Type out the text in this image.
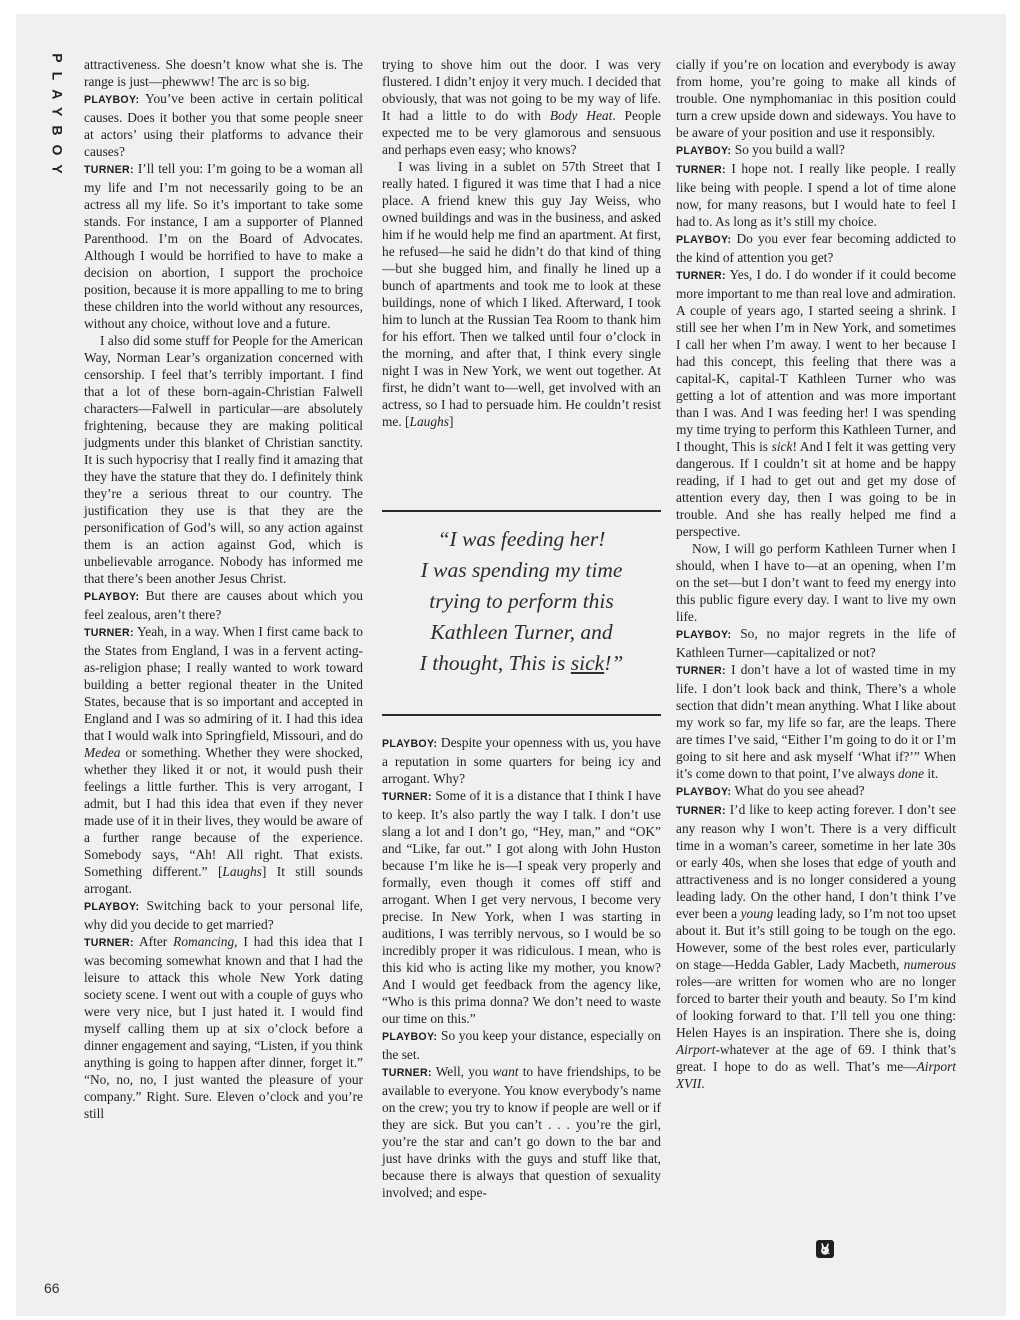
PLAYBOY attractiveness. She doesn’t know what she is. The range is just—phewww! The arc is so big.

PLAYBOY: You’ve been active in certain political causes. Does it bother you that some people sneer at actors’ using their platforms to advance their causes?

TURNER: I’ll tell you: I’m going to be a woman all my life and I’m not necessarily going to be an actress all my life. So it’s important to take some stands. For instance, I am a supporter of Planned Parenthood. I’m on the Board of Advocates. Although I would be horrified to have to make a decision on abortion, I support the prochoice position, because it is more appalling to me to bring these children into the world without any resources, without any choice, without love and a future.

I also did some stuff for People for the American Way, Norman Lear’s organization concerned with censorship. I feel that’s terribly important. I find that a lot of these born-again-Christian Falwell characters—Falwell in particular—are absolutely frightening, because they are making political judgments under this blanket of Christian sanctity. It is such hypocrisy that I really find it amazing that they have the stature that they do. I definitely think they’re a serious threat to our country. The justification they use is that they are the personification of God’s will, so any action against them is an action against God, which is unbelievable arrogance. Nobody has informed me that there’s been another Jesus Christ.

PLAYBOY: But there are causes about which you feel zealous, aren’t there?

TURNER: Yeah, in a way. When I first came back to the States from England, I was in a fervent acting-as-religion phase; I really wanted to work toward building a better regional theater in the United States, because that is so important and accepted in England and I was so admiring of it. I had this idea that I would walk into Springfield, Missouri, and do Medea or something. Whether they were shocked, whether they liked it or not, it would push their feelings a little further. This is very arrogant, I admit, but I had this idea that even if they never made use of it in their lives, they would be aware of a further range because of the experience. Somebody says, “Ah! All right. That exists. Something different.” [Laughs] It still sounds arrogant.

PLAYBOY: Switching back to your personal life, why did you decide to get married?

TURNER: After Romancing, I had this idea that I was becoming somewhat known and that I had the leisure to attack this whole New York dating society scene. I went out with a couple of guys who were very nice, but I just hated it. I would find myself calling them up at six o’clock before a dinner engagement and saying, “Listen, if you think anything is going to happen after dinner, forget it.” “No, no, no, I just wanted the pleasure of your company.” Right. Sure. Eleven o’clock and you’re still

trying to shove him out the door. I was very flustered. I didn’t enjoy it very much. I decided that obviously, that was not going to be my way of life. It had a little to do with Body Heat. People expected me to be very glamorous and sensuous and perhaps even easy; who knows?

I was living in a sublet on 57th Street that I really hated. I figured it was time that I had a nice place. A friend knew this guy Jay Weiss, who owned buildings and was in the business, and asked him if he would help me find an apartment. At first, he refused—he said he didn’t do that kind of thing—but she bugged him, and finally he lined up a bunch of apartments and took me to look at these buildings, none of which I liked. Afterward, I took him to lunch at the Russian Tea Room to thank him for his effort. Then we talked until four o’clock in the morning, and after that, I think every single night I was in New York, we went out together. At first, he didn’t want to—well, get involved with an actress, so I had to persuade him. He couldn’t resist me. [Laughs]

“I was feeding her!
I was spending my time
trying to perform this
Kathleen Turner, and
I thought, This is sick!”

PLAYBOY: Despite your openness with us, you have a reputation in some quarters for being icy and arrogant. Why?

TURNER: Some of it is a distance that I think I have to keep. It’s also partly the way I talk. I don’t use slang a lot and I don’t go, “Hey, man,” and “OK” and “Like, far out.” I got along with John Huston because I’m like he is—I speak very properly and formally, even though it comes off stiff and arrogant. When I get very nervous, I become very precise. In New York, when I was starting in auditions, I was terribly nervous, so I would be so incredibly proper it was ridiculous. I mean, who is this kid who is acting like my mother, you know? And I would get feedback from the agency like, “Who is this prima donna? We don’t need to waste our time on this.”

PLAYBOY: So you keep your distance, especially on the set.

TURNER: Well, you want to have friendships, to be available to everyone. You know everybody’s name on the crew; you try to know if people are well or if they are sick. But you can’t . . . you’re the girl, you’re the star and can’t go down to the bar and just have drinks with the guys and stuff like that, because there is always that question of sexuality involved; and espe-

cially if you’re on location and everybody is away from home, you’re going to make all kinds of trouble. One nymphomaniac in this position could turn a crew upside down and sideways. You have to be aware of your position and use it responsibly.

PLAYBOY: So you build a wall?

TURNER: I hope not. I really like people. I really like being with people. I spend a lot of time alone now, for many reasons, but I would hate to feel I had to. As long as it’s still my choice.

PLAYBOY: Do you ever fear becoming addicted to the kind of attention you get?

TURNER: Yes, I do. I do wonder if it could become more important to me than real love and admiration. A couple of years ago, I started seeing a shrink. I still see her when I’m in New York, and sometimes I call her when I’m away. I went to her because I had this concept, this feeling that there was a capital-K, capital-T Kathleen Turner who was getting a lot of attention and was more important than I was. And I was feeding her! I was spending my time trying to perform this Kathleen Turner, and I thought, This is sick! And I felt it was getting very dangerous. If I couldn’t sit at home and be happy reading, if I had to get out and get my dose of attention every day, then I was going to be in trouble. And she has really helped me find a perspective.

Now, I will go perform Kathleen Turner when I should, when I have to—at an opening, when I’m on the set—but I don’t want to feed my energy into this public figure every day. I want to live my own life.

PLAYBOY: So, no major regrets in the life of Kathleen Turner—capitalized or not?

TURNER: I don’t have a lot of wasted time in my life. I don’t look back and think, There’s a whole section that didn’t mean anything. What I like about my work so far, my life so far, are the leaps. There are times I’ve said, “Either I’m going to do it or I’m going to sit here and ask myself ‘What if?’” When it’s come down to that point, I’ve always done it.

PLAYBOY: What do you see ahead?

TURNER: I’d like to keep acting forever. I don’t see any reason why I won’t. There is a very difficult time in a woman’s career, sometime in her late 30s or early 40s, when she loses that edge of youth and attractiveness and is no longer considered a young leading lady. On the other hand, I don’t think I’ve ever been a young leading lady, so I’m not too upset about it. But it’s still going to be tough on the ego. However, some of the best roles ever, particularly on stage—Hedda Gabler, Lady Macbeth, numerous roles—are written for women who are no longer forced to barter their youth and beauty. So I’m kind of looking forward to that. I’ll tell you one thing: Helen Hayes is an inspiration. There she is, doing Airport-whatever at the age of 69. I think that’s great. I hope to do as well. That’s me—Airport XVII.

66
